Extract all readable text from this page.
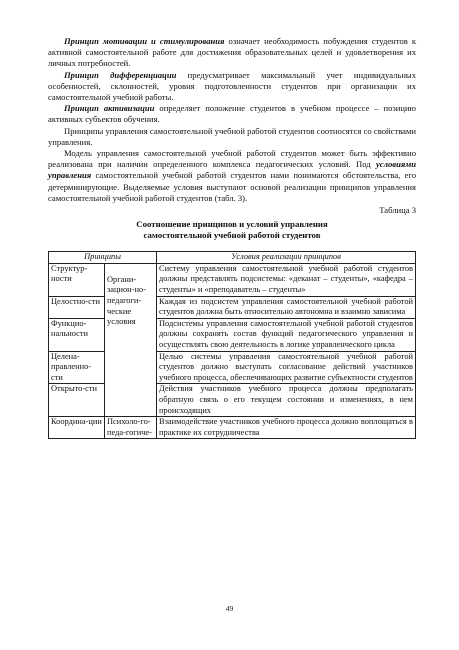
Принцип мотивации и стимулирования означает необходимость побуждения студентов к активной самостоятельной работе для достижения образовательных целей и удовлетворения их личных потребностей.

Принцип дифференциации предусматривает максимальный учет индивидуальных особенностей, склонностей, уровня подготовленности студентов при организации их самостоятельной учебной работы.

Принцип активизации определяет положение студентов в учебном процессе – позицию активных субъектов обучения.

Принципы управления самостоятельной учебной работой студентов соотносятся со свойствами управления.

Модель управления самостоятельной учебной работой студентов может быть эффективно реализована при наличии определенного комплекса педагогических условий. Под условиями управления самостоятельной учебной работой студентов нами понимаются обстоятельства, его детерминирующие. Выделяемые условия выступают основой реализации принципов управления самостоятельной учебной работой студентов (табл. 3).

Таблица 3
Соотношение принципов и условий управления
самостоятельной учебной работой студентов
Принципы		Условия реализации принципов
Структур-ности	Органи-зацион-но-педагоги-ческие условия	Систему управления самостоятельной учебной работой студентов должны представлять подсистемы: «деканат – студенты», «кафедра – студенты» и «преподаватель – студенты»
Целостно-сти		Каждая из подсистем управления самостоятельной учебной работой студентов должна быть относительно автономна и взаимно зависима
Функцио-нальности		Подсистемы управления самостоятельной учебной работой студентов должны сохранять состав функций педагогического управления и осуществлять свою деятельность в логике управленческого цикла
Целена-правленно-сти		Целью системы управления самостоятельной учебной работой студентов должно выступать согласование действий участников учебного процесса, обеспечивающих развитие субъектности студентов
Открыто-сти		Действия участников учебного процесса должны предполагать обратную связь о его текущем состоянии и изменениях, в нем происходящих
Координа-ции	Психоло-го-педа-гогиче-	Взаимодействие участников учебного процесса должно воплощаться в практике их сотрудничества
49
